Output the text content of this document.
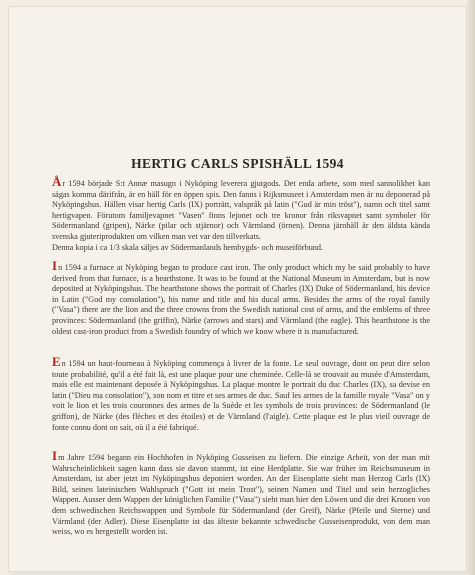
HERTIG CARLS SPISHÄLL 1594

År 1594 började S:t Annæ masugn i Nyköping leverera gjutgods. Det enda arbete, som med sannolikhet kan sägas komma därifrån, är en häll för en öppen spis. Den fanns i Rijksmuseet i Amsterdam men är nu deponerad på Nyköpingshus. Hällen visar hertig Carls (IX) porträtt, valspråk på latin ("Gud är min tröst"), namn och titel samt hertigvapen. Förutom familjevapnet "Vasen" finns lejonet och tre kronor från riksvapnet samt symboler för Södermanland (gripen), Närke (pilar och stjärnor) och Värmland (örnen). Denna järnhäll är den äldsta kända svenska gjuteriprodukten om vilken man vet var den tillverkats.

Denna kopia i ca 1/3 skala säljes av Södermanlands hembygds- och museiförbund.

In 1594 a furnace at Nyköping began to produce cast iron. The only product which my be said probably to have derived from that furnace, is a hearthstone. It was to be found at the National Museum in Amsterdam, but is now deposited at Nyköpingshus. The hearthstone shows the portrait of Charles (IX) Duke of Södermanland, his device in Latin ("God my consolation"), his name and title and his ducal arms. Besides the arms of the royal family ("Vasa") there are the lion and the three crowns from the Swedish national cost of arms, and the emblems of three provinces: Södermanland (the griffin), Närke (arrows and stars) and Värmland (the eagle). This hearthstone is the oldest cast-iron product from a Swedish foundry of which we know where it is manufactured.

En 1594 un haut-fourneau à Nyköping commença à livrer de la fonte. Le seul ouvrage, dont on peut dire selon toute probabilité, qu'il a été fait là, est une plaque pour une cheminée. Celle-là se trouvait au musée d'Amsterdam, mais elle est maintenant deposée à Nyköpingshus. La plaque montre le portrait du duc Charles (IX), sa devise en latin ("Dieu ma consolation"), son nom et titre et ses armes de duc. Sauf les armes de la famille royale "Vasa" on y voit le lion et les trois couronnes des armes de la Suède et les symbols de trois provinces: de Södermanland (le griffon), de Närke (des flèches et des étoiles) et de Värmland (l'aigle). Cette plaque est le plus vieil ouvrage de fonte connu dont on sait, où il a été fabriqué.

Im Jahre 1594 begann ein Hochhofen in Nyköping Gusseisen zu liefern. Die einzige Arbeit, von der man mit Wahrscheinlichkeit sagen kann dass sie davon stammt, ist eine Herdplatte. Sie war früher im Reichsmuseum in Amsterdam, ist aber jetzt im Nyköpingshus deponiert worden. An der Eisenplatte sieht man Herzog Carls (IX) Bild, seinen lateinischen Wahlspruch ("Gott ist mein Trost"), seinen Namen und Titel und sein herzogliches Wappen. Ausser dem Wappen der königlichen Familie ("Vasa") sieht man hier den Löwen und die drei Kronen von dem schwedischen Reichswappen und Symbole für Södermanland (der Greif), Närke (Pfeile und Sterne) und Värmland (der Adler). Diese Eisenplatte ist das älteste bekannte schwedische Gusseisenprodukt, von dem man weiss, wo es hergestellt worden ist.
